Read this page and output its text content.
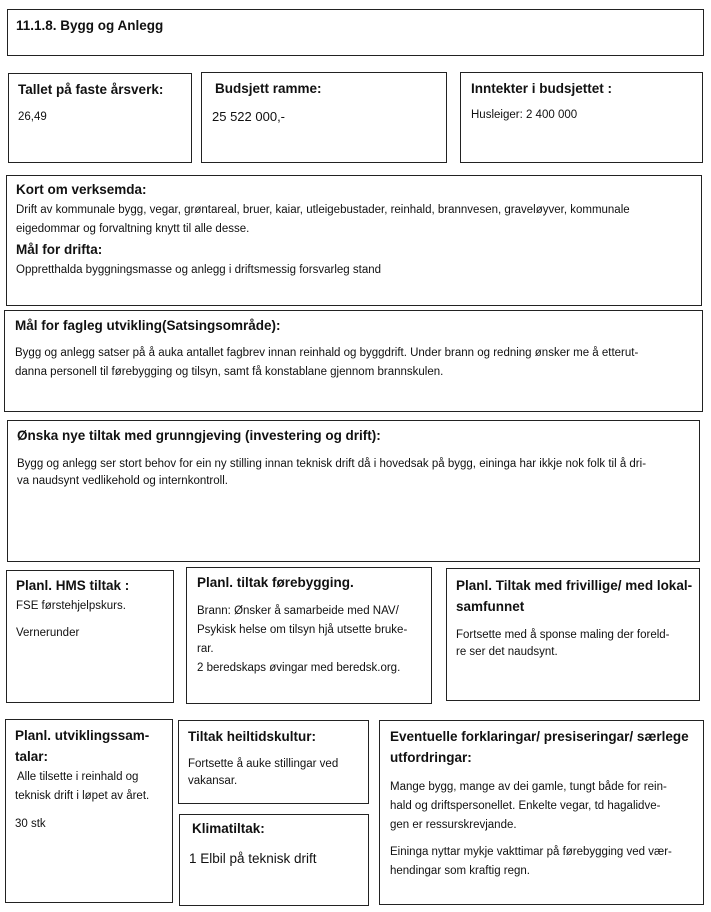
11.1.8. Bygg og Anlegg

Tallet på faste årsverk:

26,49

Budsjett ramme:

25 522 000,-

Inntekter i budsjettet :

Husleiger: 2 400 000

Kort om verksemda:

Drift av kommunale bygg, vegar, grøntareal, bruer, kaiar, utleigebustader, reinhald, brannvesen, graveløyver, kommunale

eigedommar og forvaltning knytt til alle desse.

Mål for drifta:

Oppretthalda byggningsmasse og anlegg i driftsmessig forsvarleg stand

Mål for fagleg utvikling(Satsingsområde):

Bygg og anlegg satser på å auka antallet fagbrev innan reinhald og byggdrift. Under brann og redning ønsker me å etterut-

danna personell til førebygging og tilsyn, samt få konstablane gjennom brannskulen.

Ønska nye tiltak med grunngjeving (investering og drift):

Bygg og anlegg ser stort behov for ein ny stilling innan teknisk drift då i hovedsak på bygg, eininga har ikkje nok folk til å dri-

va naudsynt vedlikehold og internkontroll.

Planl. HMS tiltak :

FSE førstehjelpskurs.

Vernerunder

Planl. tiltak førebygging.

Brann: Ønsker å samarbeide med NAV/

Psykisk helse om tilsyn hjå utsette bruke-

rar.

2 beredskaps øvingar med beredsk.org.

Planl. Tiltak med frivillige/ med lokal-

samfunnet

Fortsette med å sponse maling der foreld-

re ser det naudsynt.

Planl. utviklingssam-

talar:

Alle tilsette i reinhald og

teknisk drift i løpet av året.

30 stk

Tiltak heiltidskultur:

Fortsette å auke stillingar ved

vakansar.

Klimatiltak:

1 Elbil på teknisk drift

Eventuelle forklaringar/ presiseringar/ særlege

utfordringar:

Mange bygg, mange av dei gamle, tungt både for rein-

hald og driftspersonellet. Enkelte vegar, td hagalidve-

gen er ressurskrevjande.

Eininga nyttar mykje vakttimar på førebygging ved vær-

hendingar som kraftig regn.
